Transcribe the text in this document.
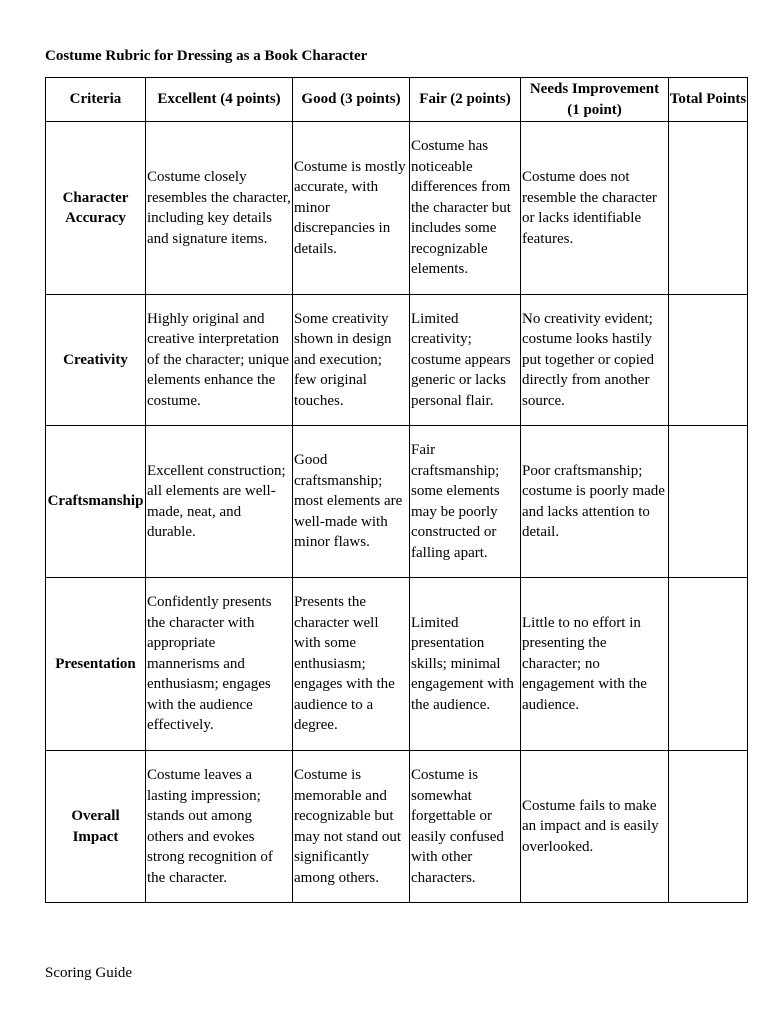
Costume Rubric for Dressing as a Book Character
Criteria	Excellent (4 points)	Good (3 points)	Fair (2 points)	Needs Improvement (1 point)	Total Points
Character Accuracy	Costume closely resembles the character, including key details and signature items.	Costume is mostly accurate, with minor discrepancies in details.	Costume has noticeable differences from the character but includes some recognizable elements.	Costume does not resemble the character or lacks identifiable features.	
Creativity	Highly original and creative interpretation of the character; unique elements enhance the costume.	Some creativity shown in design and execution; few original touches.	Limited creativity; costume appears generic or lacks personal flair.	No creativity evident; costume looks hastily put together or copied directly from another source.	
Craftsmanship	Excellent construction; all elements are well-made, neat, and durable.	Good craftsmanship; most elements are well-made with minor flaws.	Fair craftsmanship; some elements may be poorly constructed or falling apart.	Poor craftsmanship; costume is poorly made and lacks attention to detail.	
Presentation	Confidently presents the character with appropriate mannerisms and enthusiasm; engages with the audience effectively.	Presents the character well with some enthusiasm; engages with the audience to a degree.	Limited presentation skills; minimal engagement with the audience.	Little to no effort in presenting the character; no engagement with the audience.	
Overall Impact	Costume leaves a lasting impression; stands out among others and evokes strong recognition of the character.	Costume is memorable and recognizable but may not stand out significantly among others.	Costume is somewhat forgettable or easily confused with other characters.	Costume fails to make an impact and is easily overlooked.	
Scoring Guide
